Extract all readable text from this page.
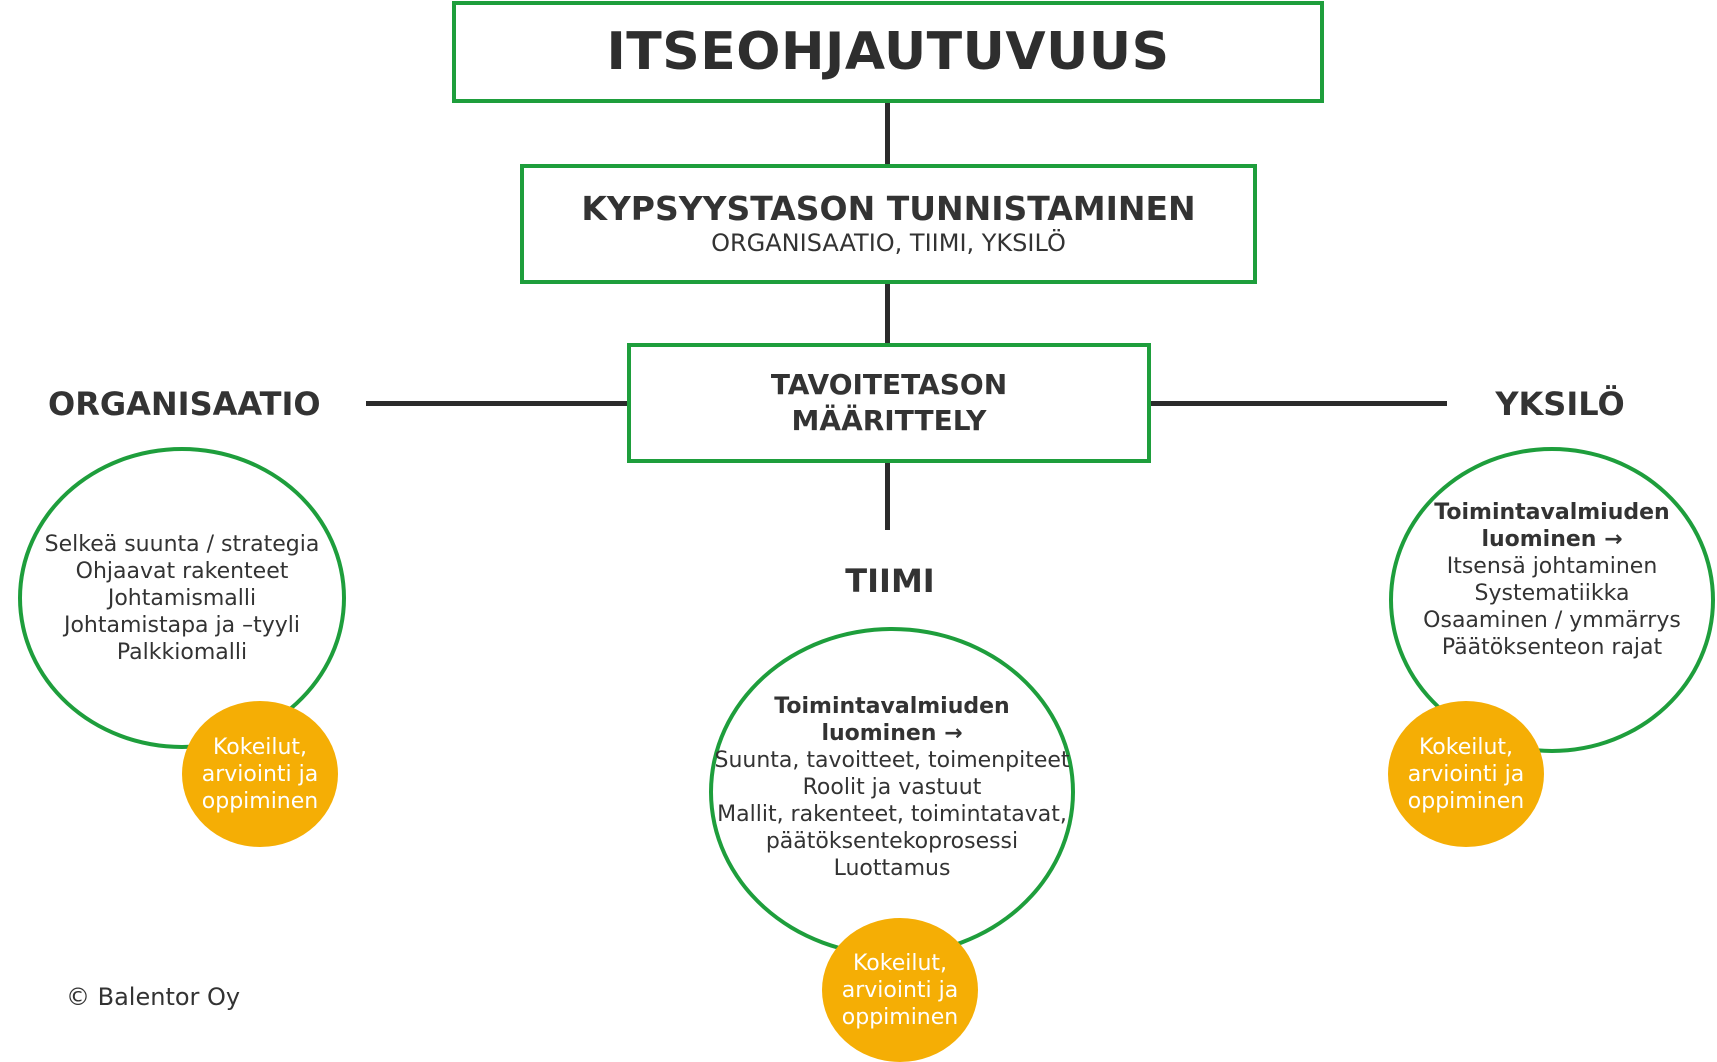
ITSEOHJAUTUVUUS
KYPSYYSTASON TUNNISTAMINEN
ORGANISAATIO, TIIMI, YKSILÖ
TAVOITETASON
MÄÄRITTELY
ORGANISAATIO	YKSILÖ
TIIMI
Selkeä suunta / strategia
Ohjaavat rakenteet
Johtamismalli
Johtamistapa ja –tyyli
Palkkiomalli
Kokeilut,
arviointi ja
oppiminen
Toimintavalmiuden
luominen →
Suunta, tavoitteet, toimenpiteet
Roolit ja vastuut
Mallit, rakenteet, toimintatavat,
päätöksentekoprosessi
Luottamus
Kokeilut,
arviointi ja
oppiminen
Toimintavalmiuden
luominen →
Itsensä johtaminen
Systematiikka
Osaaminen / ymmärrys
Päätöksenteon rajat
Kokeilut,
arviointi ja
oppiminen
© Balentor Oy
